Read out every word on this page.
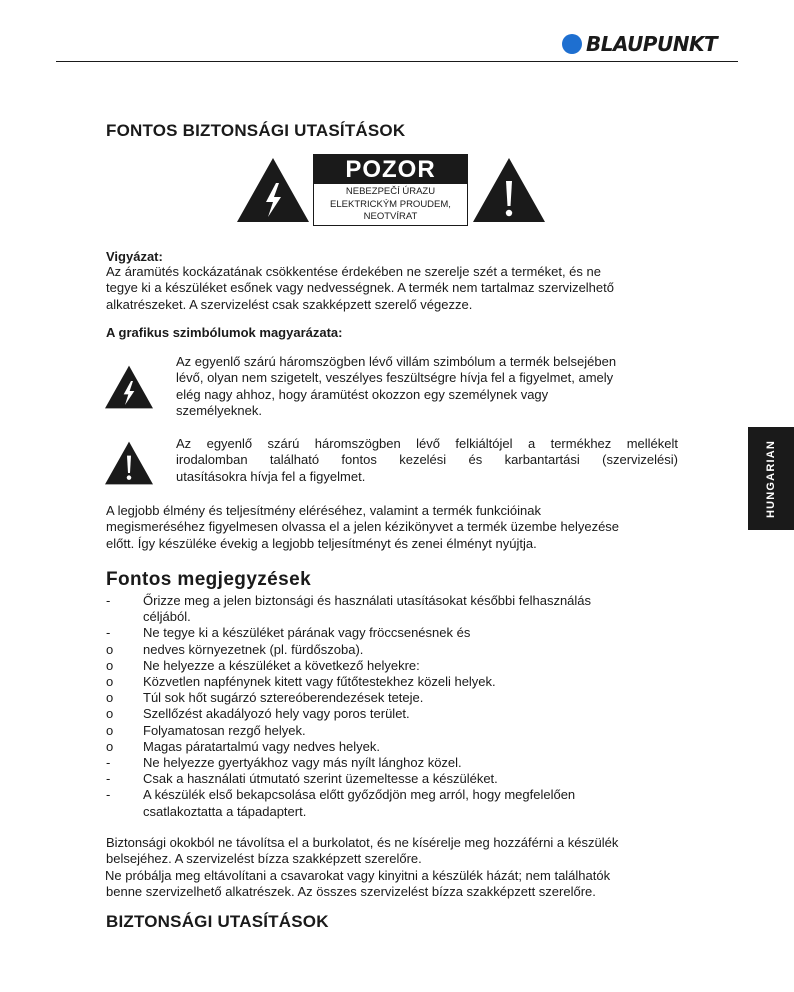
BLAUPUNKT
HUNGARIAN
FONTOS BIZTONSÁGI UTASÍTÁSOK
POZOR
NEBEZPEČÍ ÚRAZU
ELEKTRICKÝM PROUDEM,
NEOTVÍRAT
Vigyázat:
Az áramütés kockázatának csökkentése érdekében ne szerelje szét a terméket, és ne
tegye ki a készüléket esőnek vagy nedvességnek. A termék nem tartalmaz szervizelhető
alkatrészeket. A szervizelést csak szakképzett szerelő végezze.
A grafikus szimbólumok magyarázata:
Az egyenlő szárú háromszögben lévő villám szimbólum a termék belsejében
lévő, olyan nem szigetelt, veszélyes feszültségre hívja fel a figyelmet, amely
elég nagy ahhoz, hogy áramütést okozzon egy személynek vagy
személyeknek.
Az egyenlő szárú háromszögben lévő felkiáltójel a termékhez mellékelt
irodalomban található fontos kezelési és karbantartási (szervizelési)
utasításokra hívja fel a figyelmet.
A legjobb élmény és teljesítmény eléréséhez, valamint a termék funkcióinak
megismeréséhez figyelmesen olvassa el a jelen kézikönyvet a termék üzembe helyezése
előtt. Így készüléke évekig a legjobb teljesítményt és zenei élményt nyújtja.
Fontos megjegyzések
-	Őrizze meg a jelen biztonsági és használati utasításokat későbbi felhasználás
céljából.
-	Ne tegye ki a készüléket párának vagy fröccsenésnek és
o	nedves környezetnek (pl. fürdőszoba).
o	Ne helyezze a készüléket a következő helyekre:
o	Közvetlen napfénynek kitett vagy fűtőtestekhez közeli helyek.
o	Túl sok hőt sugárzó sztereóberendezések teteje.
o	Szellőzést akadályozó hely vagy poros terület.
o	Folyamatosan rezgő helyek.
o	Magas páratartalmú vagy nedves helyek.
-	Ne helyezze gyertyákhoz vagy más nyílt lánghoz közel.
-	Csak a használati útmutató szerint üzemeltesse a készüléket.
-	A készülék első bekapcsolása előtt győződjön meg arról, hogy megfelelően
csatlakoztatta a tápadaptert.
Biztonsági okokból ne távolítsa el a burkolatot, és ne kísérelje meg hozzáférni a készülék
belsejéhez. A szervizelést bízza szakképzett szerelőre.
Ne próbálja meg eltávolítani a csavarokat vagy kinyitni a készülék házát; nem találhatók
benne szervizelhető alkatrészek. Az összes szervizelést bízza szakképzett szerelőre.
BIZTONSÁGI UTASÍTÁSOK
